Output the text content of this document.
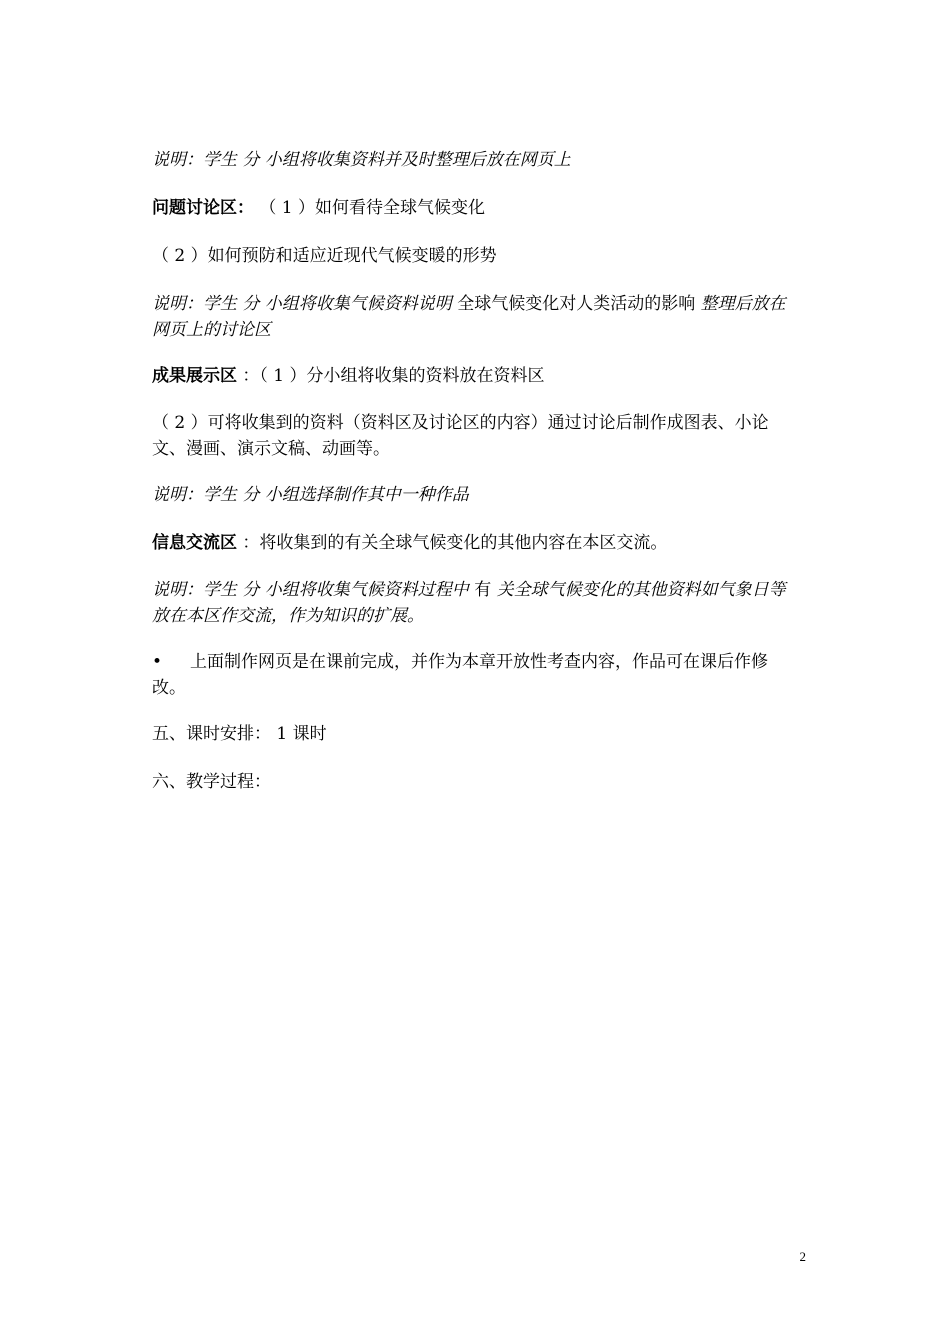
说明：学生 分 小组将收集资料并及时整理后放在网页上
问题讨论区： （ 1 ）如何看待全球气候变化
（ 2 ）如何预防和适应近现代气候变暖的形势
说明：学生 分 小组将收集气候资料说明 全球气候变化对人类活动的影响 整理后放在网页上的讨论区
成果展示区 ：（ 1 ）分小组将收集的资料放在资料区
（ 2 ）可将收集到的资料（资料区及讨论区的内容）通过讨论后制作成图表、小论文、漫画、演示文稿、动画等。
说明：学生 分 小组选择制作其中一种作品
信息交流区 ：将收集到的有关全球气候变化的其他内容在本区交流。
说明：学生 分 小组将收集气候资料过程中 有 关全球气候变化的其他资料如气象日等放在本区作交流，作为知识的扩展。
• 上面制作网页是在课前完成，并作为本章开放性考查内容，作品可在课后作修改。
五、课时安排： 1 课时
六、教学过程：
2
